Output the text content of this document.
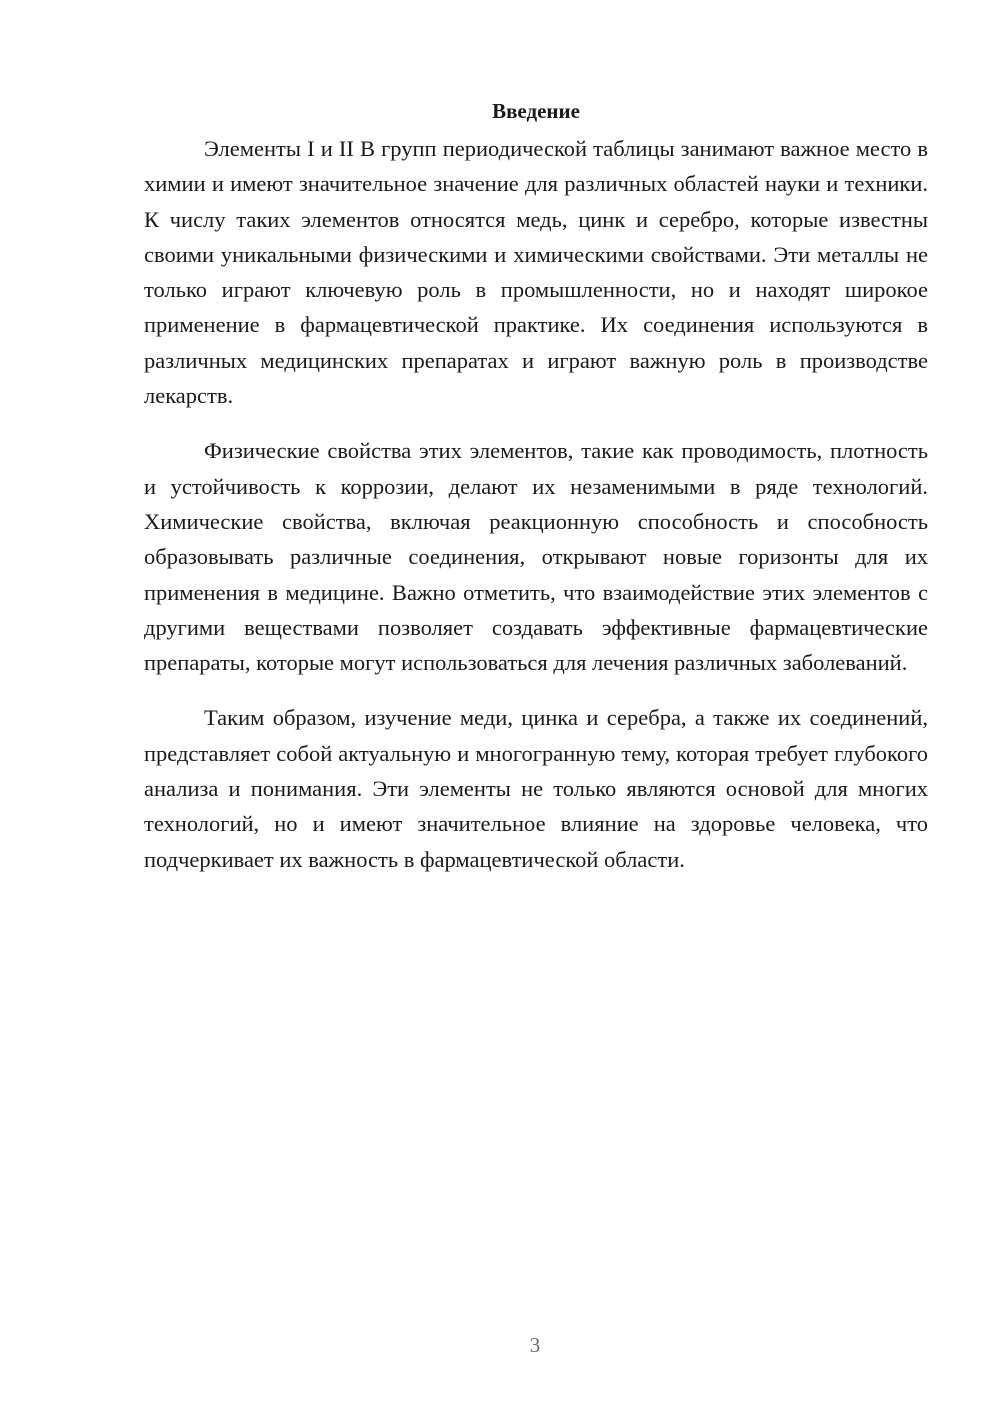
Введение

Элементы I и II B групп периодической таблицы занимают важное место в химии и имеют значительное значение для различных областей науки и техники. К числу таких элементов относятся медь, цинк и серебро, которые известны своими уникальными физическими и химическими свойствами. Эти металлы не только играют ключевую роль в промышленности, но и находят широкое применение в фармацевтической практике. Их соединения используются в различных медицинских препаратах и играют важную роль в производстве лекарств.

Физические свойства этих элементов, такие как проводимость, плотность и устойчивость к коррозии, делают их незаменимыми в ряде технологий. Химические свойства, включая реакционную способность и способность образовывать различные соединения, открывают новые горизонты для их применения в медицине. Важно отметить, что взаимодействие этих элементов с другими веществами позволяет создавать эффективные фармацевтические препараты, которые могут использоваться для лечения различных заболеваний.

Таким образом, изучение меди, цинка и серебра, а также их соединений, представляет собой актуальную и многогранную тему, которая требует глубокого анализа и понимания. Эти элементы не только являются основой для многих технологий, но и имеют значительное влияние на здоровье человека, что подчеркивает их важность в фармацевтической области.

3
